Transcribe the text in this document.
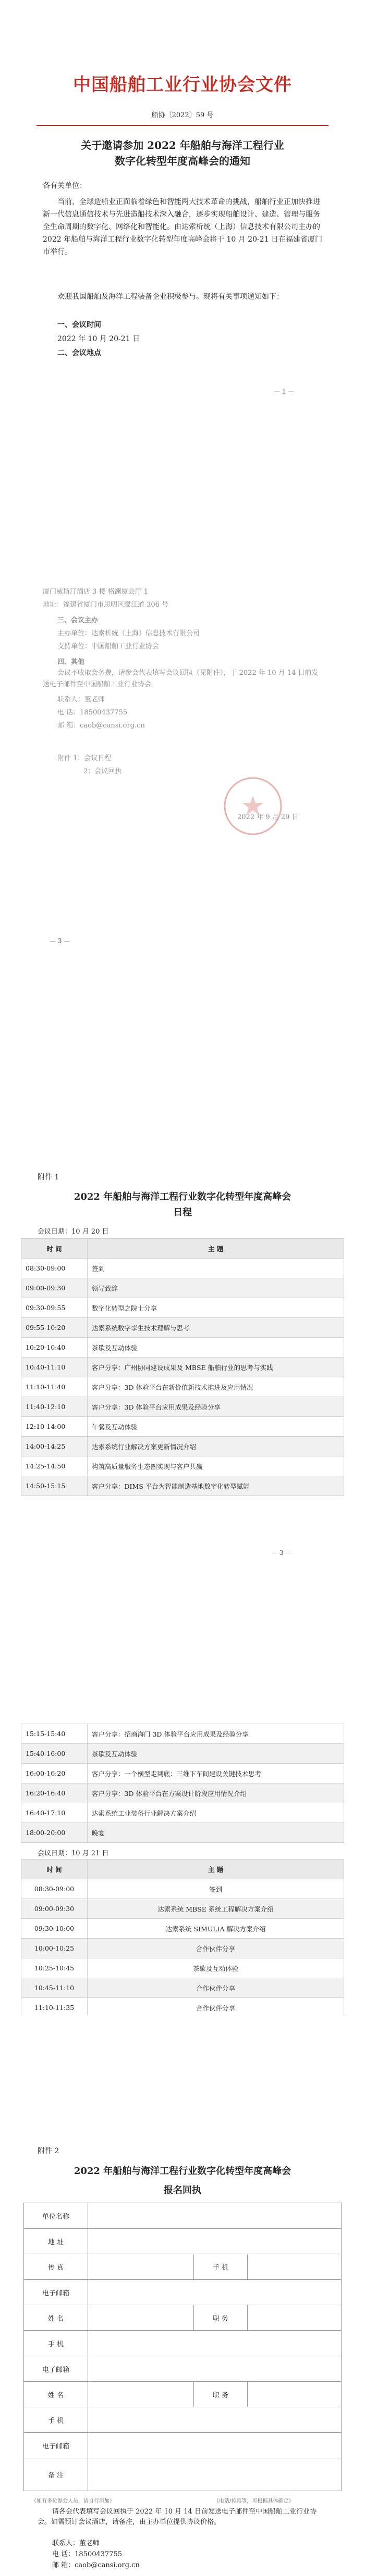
中国船舶工业行业协会文件
船协〔2022〕59 号
关于邀请参加 2022 年船舶与海洋工程行业
数字化转型年度高峰会的通知
各有关单位：

当前，全球造船业正面临着绿色和智能两大技术革命的挑战，船舶行业正加快推进新一代信息通信技术与先进造船技术深入融合，逐步实现船舶设计、建造、管理与服务全生命周期的数字化、网络化和智能化。由达索析统（上海）信息技术有限公司主办的 2022 年船舶与海洋工程行业数字化转型年度高峰会将于 10 月 20-21 日在福建省厦门市举行。

欢迎我国船舶及海洋工程装备企业积极参与。现将有关事项通知如下：

一、会议时间
2022 年 10 月 20-21 日
二、会议地点
— 1 —
厦门威斯汀酒店 3 楼 格澜厦会厅 1
地址：福建省厦门市思明区鹭江道 306 号
三、会议主办
主办单位：达索析统（上海）信息技术有限公司
支持单位：中国船舶工业行业协会
四、其他

会议不收取会务费，请参会代表填写会议回执（见附件），于 2022 年 10 月 14 日前发送电子邮件至中国船舶工业行业协会。

联系人：董老师
电 话：18500437755
邮 箱：caob@cansi.org.cn
附件 1：会议日程
2：会议回执
2022 年 9 月 29 日
— 3 —
附件 1
2022 年船舶与海洋工程行业数字化转型年度高峰会
日程
会议日期：10 月 20 日
时 间	主 题
08:30-09:00	签到
09:00-09:30	领导致辞
09:30-09:55	数字化转型之院士分享
09:55-10:20	达索系统数字孪生技术理解与思考
10:20-10:40	茶歇及互动体验
10:40-11:10	客户分享：广州协同建设成果及 MBSE 船舶行业的思考与实践
11:10-11:40	客户分享：3D 体验平台在新价值新技术推进及应用情况
11:40-12:10	客户分享：3D 体验平台应用成果及经验分享
12:10-14:00	午餐及互动体验
14:00-14:25	达索系统行业解决方案更新情况介绍
14:25-14:50	构筑高质量服务生态圈实现与客户共赢
14:50-15:15	客户分享：DIMS 平台为智能制造基地数字化转型赋能
— 3 —
15:15-15:40	客户分享：招商海门 3D 体验平台应用成果及经验分享
15:40-16:00	茶歇及互动体验
16:00-16:20	客户分享：一个横型走到底：三维下车间建设关键技术思考
16:20-16:40	客户分享：3D 体验平台在方案设计阶段应用情况介绍
16:40-17:10	达索系统工业装备行业解决方案介绍
18:00-20:00	晚宴
会议日期：10 月 21 日
时 间	主 题
08:30-09:00	签到
09:00-09:30	达索系统 MBSE 系统工程解决方案介绍
09:30-10:00	达索系统 SIMULIA 解决方案介绍
10:00-10:25	合作伙伴分享
10:25-10:45	茶歇及互动体验
10:45-11:10	合作伙伴分享
11:10-11:35	合作伙伴分享

附件 2
2022 年船舶与海洋工程行业数字化转型年度高峰会
报名回执
单位名称			
地 址			
传 真		手 机	
电子邮箱			
姓 名		职 务	
手 机			
电子邮箱			
姓 名		职 务	
手 机			
电子邮箱			
备 注			
（如有多位参会人员，请自行添加）	（电话/传真等，可根据具体确定）

请各会代表填写会议回执于 2022 年 10 月 14 日前发送电子邮件至中国船舶工业行业协会。如需预订会议酒店，请备注，由主办单位提供协议价格。

联系人：董老师
电 话：18500437755
邮 箱：caob@cansi.org.cn
